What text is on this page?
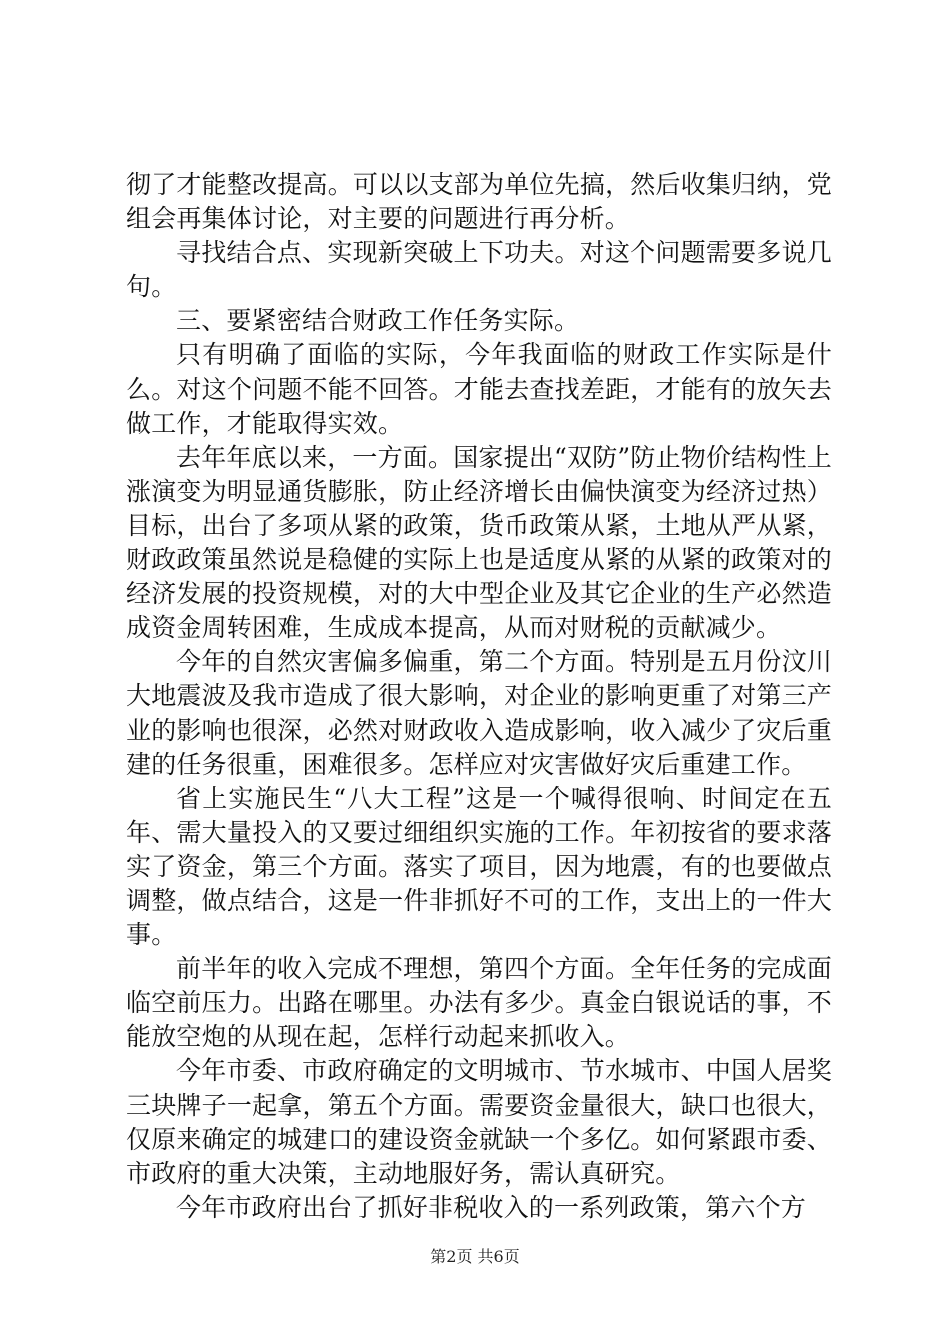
彻了才能整改提高。可以以支部为单位先搞，然后收集归纳，党组会再集体讨论，对主要的问题进行再分析。

寻找结合点、实现新突破上下功夫。对这个问题需要多说几句。

三、要紧密结合财政工作任务实际。

只有明确了面临的实际，今年我面临的财政工作实际是什么。对这个问题不能不回答。才能去查找差距，才能有的放矢去做工作，才能取得实效。

去年年底以来，一方面。国家提出“双防”防止物价结构性上涨演变为明显通货膨胀，防止经济增长由偏快演变为经济过热）目标，出台了多项从紧的政策，货币政策从紧，土地从严从紧，财政政策虽然说是稳健的实际上也是适度从紧的从紧的政策对的经济发展的投资规模，对的大中型企业及其它企业的生产必然造成资金周转困难，生成成本提高，从而对财税的贡献减少。

今年的自然灾害偏多偏重，第二个方面。特别是五月份汶川大地震波及我市造成了很大影响，对企业的影响更重了对第三产业的影响也很深，必然对财政收入造成影响，收入减少了灾后重建的任务很重，困难很多。怎样应对灾害做好灾后重建工作。

省上实施民生“八大工程”这是一个喊得很响、时间定在五年、需大量投入的又要过细组织实施的工作。年初按省的要求落实了资金，第三个方面。落实了项目，因为地震，有的也要做点调整，做点结合，这是一件非抓好不可的工作，支出上的一件大事。

前半年的收入完成不理想，第四个方面。全年任务的完成面临空前压力。出路在哪里。办法有多少。真金白银说话的事，不能放空炮的从现在起，怎样行动起来抓收入。

今年市委、市政府确定的文明城市、节水城市、中国人居奖三块牌子一起拿，第五个方面。需要资金量很大，缺口也很大，仅原来确定的城建口的建设资金就缺一个多亿。如何紧跟市委、市政府的重大决策，主动地服好务，需认真研究。

今年市政府出台了抓好非税收入的一系列政策，第六个方

第2页 共6页
